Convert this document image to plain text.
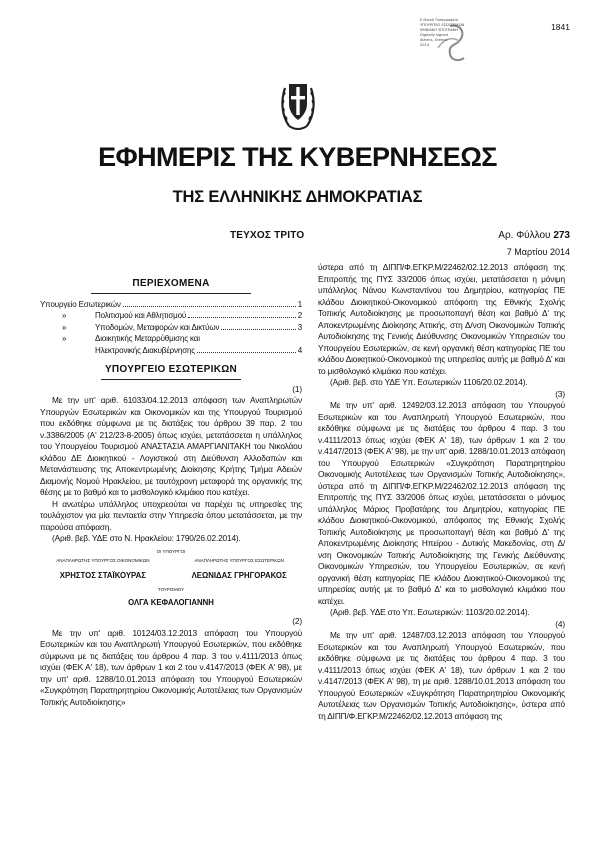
Ε.Θνικό Τυπογραφείο
ΥΠΟΥΡΓΕΙΟ ΕΣΩΤΕΡΙΚΩΝ
ΨΗΦΙΑΚΗ ΥΠΟΓΡΑΦΗ
Digitally signed
Athens, Greece
2014
1841
ΕΦΗΜΕΡΙΣ ΤΗΣ ΚΥΒΕΡΝΗΣΕΩΣ
ΤΗΣ ΕΛΛΗΝΙΚΗΣ ΔΗΜΟΚΡΑΤΙΑΣ
ΤΕΥΧΟΣ ΤΡΙΤΟ	Αρ. Φύλλου 273
7 Μαρτίου 2014

ΠΕΡΙΕΧΟΜΕΝΑ

Υπουργείο Εσωτερικών	1
»	Πολιτισμού και Αθλητισμού	2
»	Υποδομών, Μεταφορών και Δικτύων	3
»	Διοικητικής Μεταρρύθμισης και
Ηλεκτρονικής Διακυβέρνησης	4

ΥΠΟΥΡΓΕΙΟ ΕΣΩΤΕΡΙΚΩΝ

(1)

Με την υπ' αριθ. 61033/04.12.2013 απόφαση των Αναπληρωτών Υπουργών Εσωτερικών και Οικονομικών και της Υπουργού Τουρισμού που εκδόθηκε σύμφωνα με τις διατάξεις του άρθρου 39 παρ. 2 του ν.3386/2005 (Α' 212/23-8-2005) όπως ισχύει, μετατάσσεται η υπάλληλος του Υπουργείου Τουρισμού ΑΝΑΣΤΑΣΙΑ ΑΜΑΡΓΙΑΝΙΤΑΚΗ του Νικολάου κλάδου ΔΕ Διοικητικού - Λογιστικού στη Διεύθυνση Αλλοδαπών και Μετανάστευσης της Αποκεντρωμένης Διοίκησης Κρήτης Τμήμα Αδειών Διαμονής Νομού Ηρακλείου, με ταυτόχρονη μεταφορά της οργανικής της θέσης με το βαθμό και το μισθολογικό κλιμάκιο που κατέχει.

Η ανωτέρω υπάλληλος υποχρεούται να παρέχει τις υπηρεσίες της τουλάχιστον για μία πενταετία στην Υπηρεσία όπου μετατάσσεται, με την παρούσα απόφαση.

(Αριθ. βεβ. ΥΔΕ στο Ν. Ηρακλείου: 1790/26.02.2014).

ΟΙ ΥΠΟΥΡΓΟΙ

ΑΝΑΠΛΗΡΩΤΗΣ ΥΠΟΥΡΓΟΣ ΟΙΚΟΝΟΜΙΚΩΝ

ΧΡΗΣΤΟΣ ΣΤΑΪΚΟΥΡΑΣ

ΑΝΑΠΛΗΡΩΤΗΣ ΥΠΟΥΡΓΟΣ ΕΣΩΤΕΡΙΚΩΝ

ΛΕΩΝΙΔΑΣ ΓΡΗΓΟΡΑΚΟΣ

ΤΟΥΡΙΣΜΟΥ

ΟΛΓΑ ΚΕΦΑΛΟΓΙΑΝΝΗ

(2)

Με την υπ' αριθ. 10124/03.12.2013 απόφαση του Υπουργού Εσωτερικών και του Αναπληρωτή Υπουργού Εσωτερικών, που εκδόθηκε σύμφωνα με τις διατάξεις του άρθρου 4 παρ. 3 του ν.4111/2013 όπως ισχύει (ΦΕΚ Α' 18), των άρθρων 1 και 2 του ν.4147/2013 (ΦΕΚ Α' 98), με την υπ' αριθ. 1288/10.01.2013 απόφαση του Υπουργού Εσωτερικών «Συγκρότηση Παρατηρητηρίου Οικονομικής Αυτοτέλειας των Οργανισμών Τοπικής Αυτοδιοίκησης»

ύστερα από τη ΔΙΠΠ/Φ.ΕΓΚΡ.Μ/22462/02.12.2013 απόφαση της Επιτροπής της ΠΥΣ 33/2006 όπως ισχύει, μετατάσσεται η μόνιμη υπάλληλος Νάνου Κωνσταντίνου του Δημητρίου, κατηγορίας ΠΕ κλάδου Διοικητικού-Οικονομικού απόφοιτη της Εθνικής Σχολής Τοπικής Αυτοδιοίκησης με προσωποπαγή θέση και βαθμό Δ' της Αποκεντρωμένης Διοίκησης Αττικής, στη Δ/νση Οικονομικών Τοπικής Αυτοδιοίκησης της Γενικής Διεύθυνσης Οικονομικών Υπηρεσιών του Υπουργείου Εσωτερικών, σε κενή οργανική θέση κατηγορίας ΠΕ του κλάδου Διοικητικού-Οικονομικού της υπηρεσίας αυτής με βαθμό Δ' και το μισθολογικό κλιμάκιο που κατέχει.

(Αριθ. βεβ. στο ΥΔΕ Υπ. Εσωτερικών 1106/20.02.2014).

(3)

Με την υπ' αριθ. 12492/03.12.2013 απόφαση του Υπουργού Εσωτερικών και του Αναπληρωτή Υπουργού Εσωτερικών, που εκδόθηκε σύμφωνα με τις διατάξεις του άρθρου 4 παρ. 3 του ν.4111/2013 όπως ισχύει (ΦΕΚ Α' 18), των άρθρων 1 και 2 του ν.4147/2013 (ΦΕΚ Α' 98), με την υπ' αριθ. 1288/10.01.2013 απόφαση του Υπουργού Εσωτερικών «Συγκρότηση Παρατηρητηρίου Οικονομικής Αυτοτέλειας των Οργανισμών Τοπικής Αυτοδιοίκησης», ύστερα από τη ΔΙΠΠ/Φ.ΕΓΚΡ.Μ/22462/02.12.2013 απόφαση της Επιτροπής της ΠΥΣ 33/2006 όπως ισχύει, μετατάσσεται ο μόνιμος υπάλληλος Μάριος Προβατάρης του Δημητρίου, κατηγορίας ΠΕ κλάδου Διοικητικού-Οικονομικού, απόφοιτος της Εθνικής Σχολής Τοπικής Αυτοδιοίκησης με προσωποπαγή θέση και βαθμό Δ' της Αποκεντρωμένης Διοίκησης Ηπείρου - Δυτικής Μακεδονίας, στη Δ/νση Οικονομικών Τοπικής Αυτοδιοίκησης της Γενικής Διεύθυνσης Οικονομικών Υπηρεσιών, του Υπουργείου Εσωτερικών, σε κενή οργανική θέση κατηγορίας ΠΕ κλάδου Διοικητικού-Οικονομικού της υπηρεσίας αυτής με το βαθμό Δ' και το μισθολογικό κλιμάκιο που κατέχει.

(Αριθ. βεβ. ΥΔΕ στο Υπ. Εσωτερικών: 1103/20.02.2014).

(4)

Με την υπ' αριθ. 12487/03.12.2013 απόφαση του Υπουργού Εσωτερικών και του Αναπληρωτή Υπουργού Εσωτερικών, που εκδόθηκε σύμφωνα με τις διατάξεις του άρθρου 4 παρ. 3 του ν.4111/2013 όπως ισχύει (ΦΕΚ Α' 18), των άρθρων 1 και 2 του ν.4147/2013 (ΦΕΚ Α' 98), τη με αριθ. 1288/10.01.2013 απόφαση του Υπουργού Εσωτερικών «Συγκρότηση Παρατηρητηρίου Οικονομικής Αυτοτέλειας των Οργανισμών Τοπικής Αυτοδιοίκησης», ύστερα από τη ΔΙΠΠ/Φ.ΕΓΚΡ.Μ/22462/02.12.2013 απόφαση της
